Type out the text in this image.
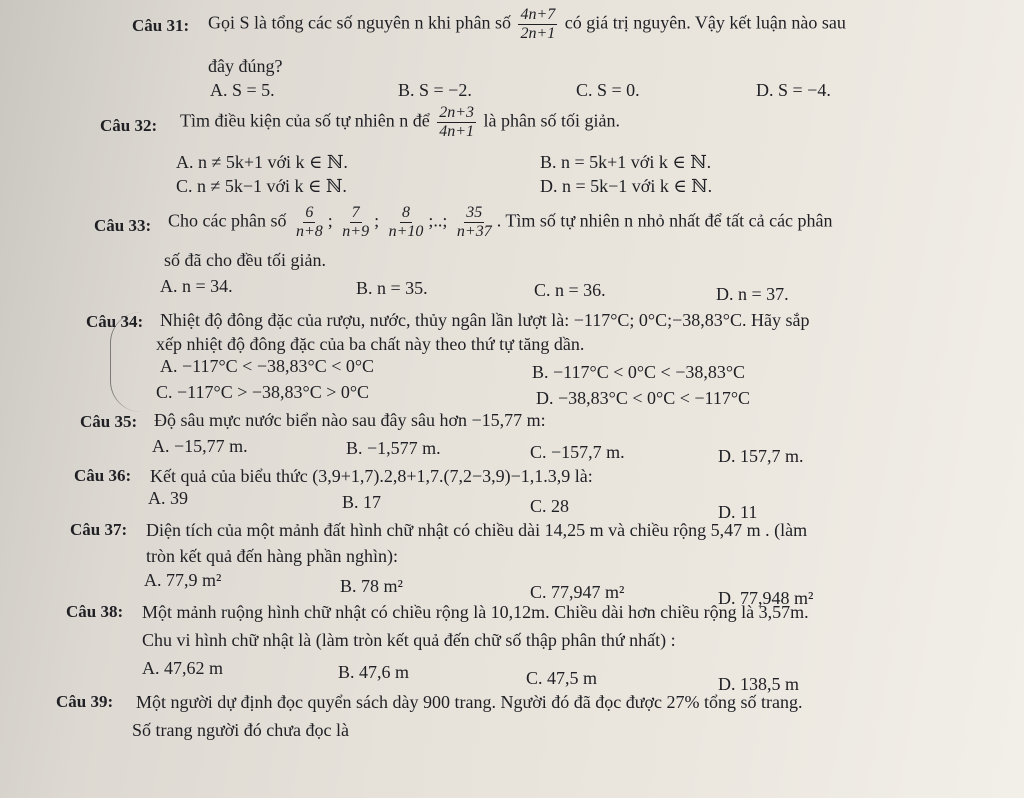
Câu 31: Gọi S là tổng các số nguyên n khi phân số $\frac{4n+7}{2n+1}$ có giá trị nguyên. Vậy kết luận nào sau
đây đúng?
A. S = 5.	B. S = −2.	C. S = 0.	D. S = −4.
Câu 32: Tìm điều kiện của số tự nhiên n để $\frac{2n+3}{4n+1}$ là phân số tối giản.
A. n ≠ 5k+1 với k ∈ ℕ.	B. n = 5k+1 với k ∈ ℕ.
C. n ≠ 5k−1 với k ∈ ℕ.	D. n = 5k−1 với k ∈ ℕ.
Câu 33: Cho các phân số $\frac{6}{n+8}$ ; $\frac{7}{n+9}$ ; $\frac{8}{n+10}$ ;..; $\frac{35}{n+37}$ . Tìm số tự nhiên n nhỏ nhất để tất cả các phân
số đã cho đều tối giản.
A. n = 34.	B. n = 35.	C. n = 36.	D. n = 37.
Câu 34: Nhiệt độ đông đặc của rượu, nước, thủy ngân lần lượt là: −117°C; 0°C;−38,83°C. Hãy sắp
xếp nhiệt độ đông đặc của ba chất này theo thứ tự tăng dần.
A. −117°C < −38,83°C < 0°C	B. −117°C < 0°C < −38,83°C
C. −117°C > −38,83°C > 0°C	D. −38,83°C < 0°C < −117°C
Câu 35: Độ sâu mực nước biển nào sau đây sâu hơn −15,77 m:
A. −15,77 m.	B. −1,577 m.	C. −157,7 m.	D. 157,7 m.
Câu 36: Kết quả của biểu thức (3,9+1,7).2,8+1,7.(7,2−3,9)−1,1.3,9 là:
A. 39	B. 17	C. 28	D. 11
Câu 37: Diện tích của một mảnh đất hình chữ nhật có chiều dài 14,25 m và chiều rộng 5,47 m . (làm
tròn kết quả đến hàng phần nghìn):
A. 77,9 m²	B. 78 m²	C. 77,947 m²	D. 77,948 m²
Câu 38: Một mảnh ruộng hình chữ nhật có chiều rộng là 10,12m. Chiều dài hơn chiều rộng là 3,57m.
Chu vi hình chữ nhật là (làm tròn kết quả đến chữ số thập phân thứ nhất) :
A. 47,62 m	B. 47,6 m	C. 47,5 m	D. 138,5 m
Câu 39: Một người dự định đọc quyển sách dày 900 trang. Người đó đã đọc được 27% tổng số trang.
Số trang người đó chưa đọc là
